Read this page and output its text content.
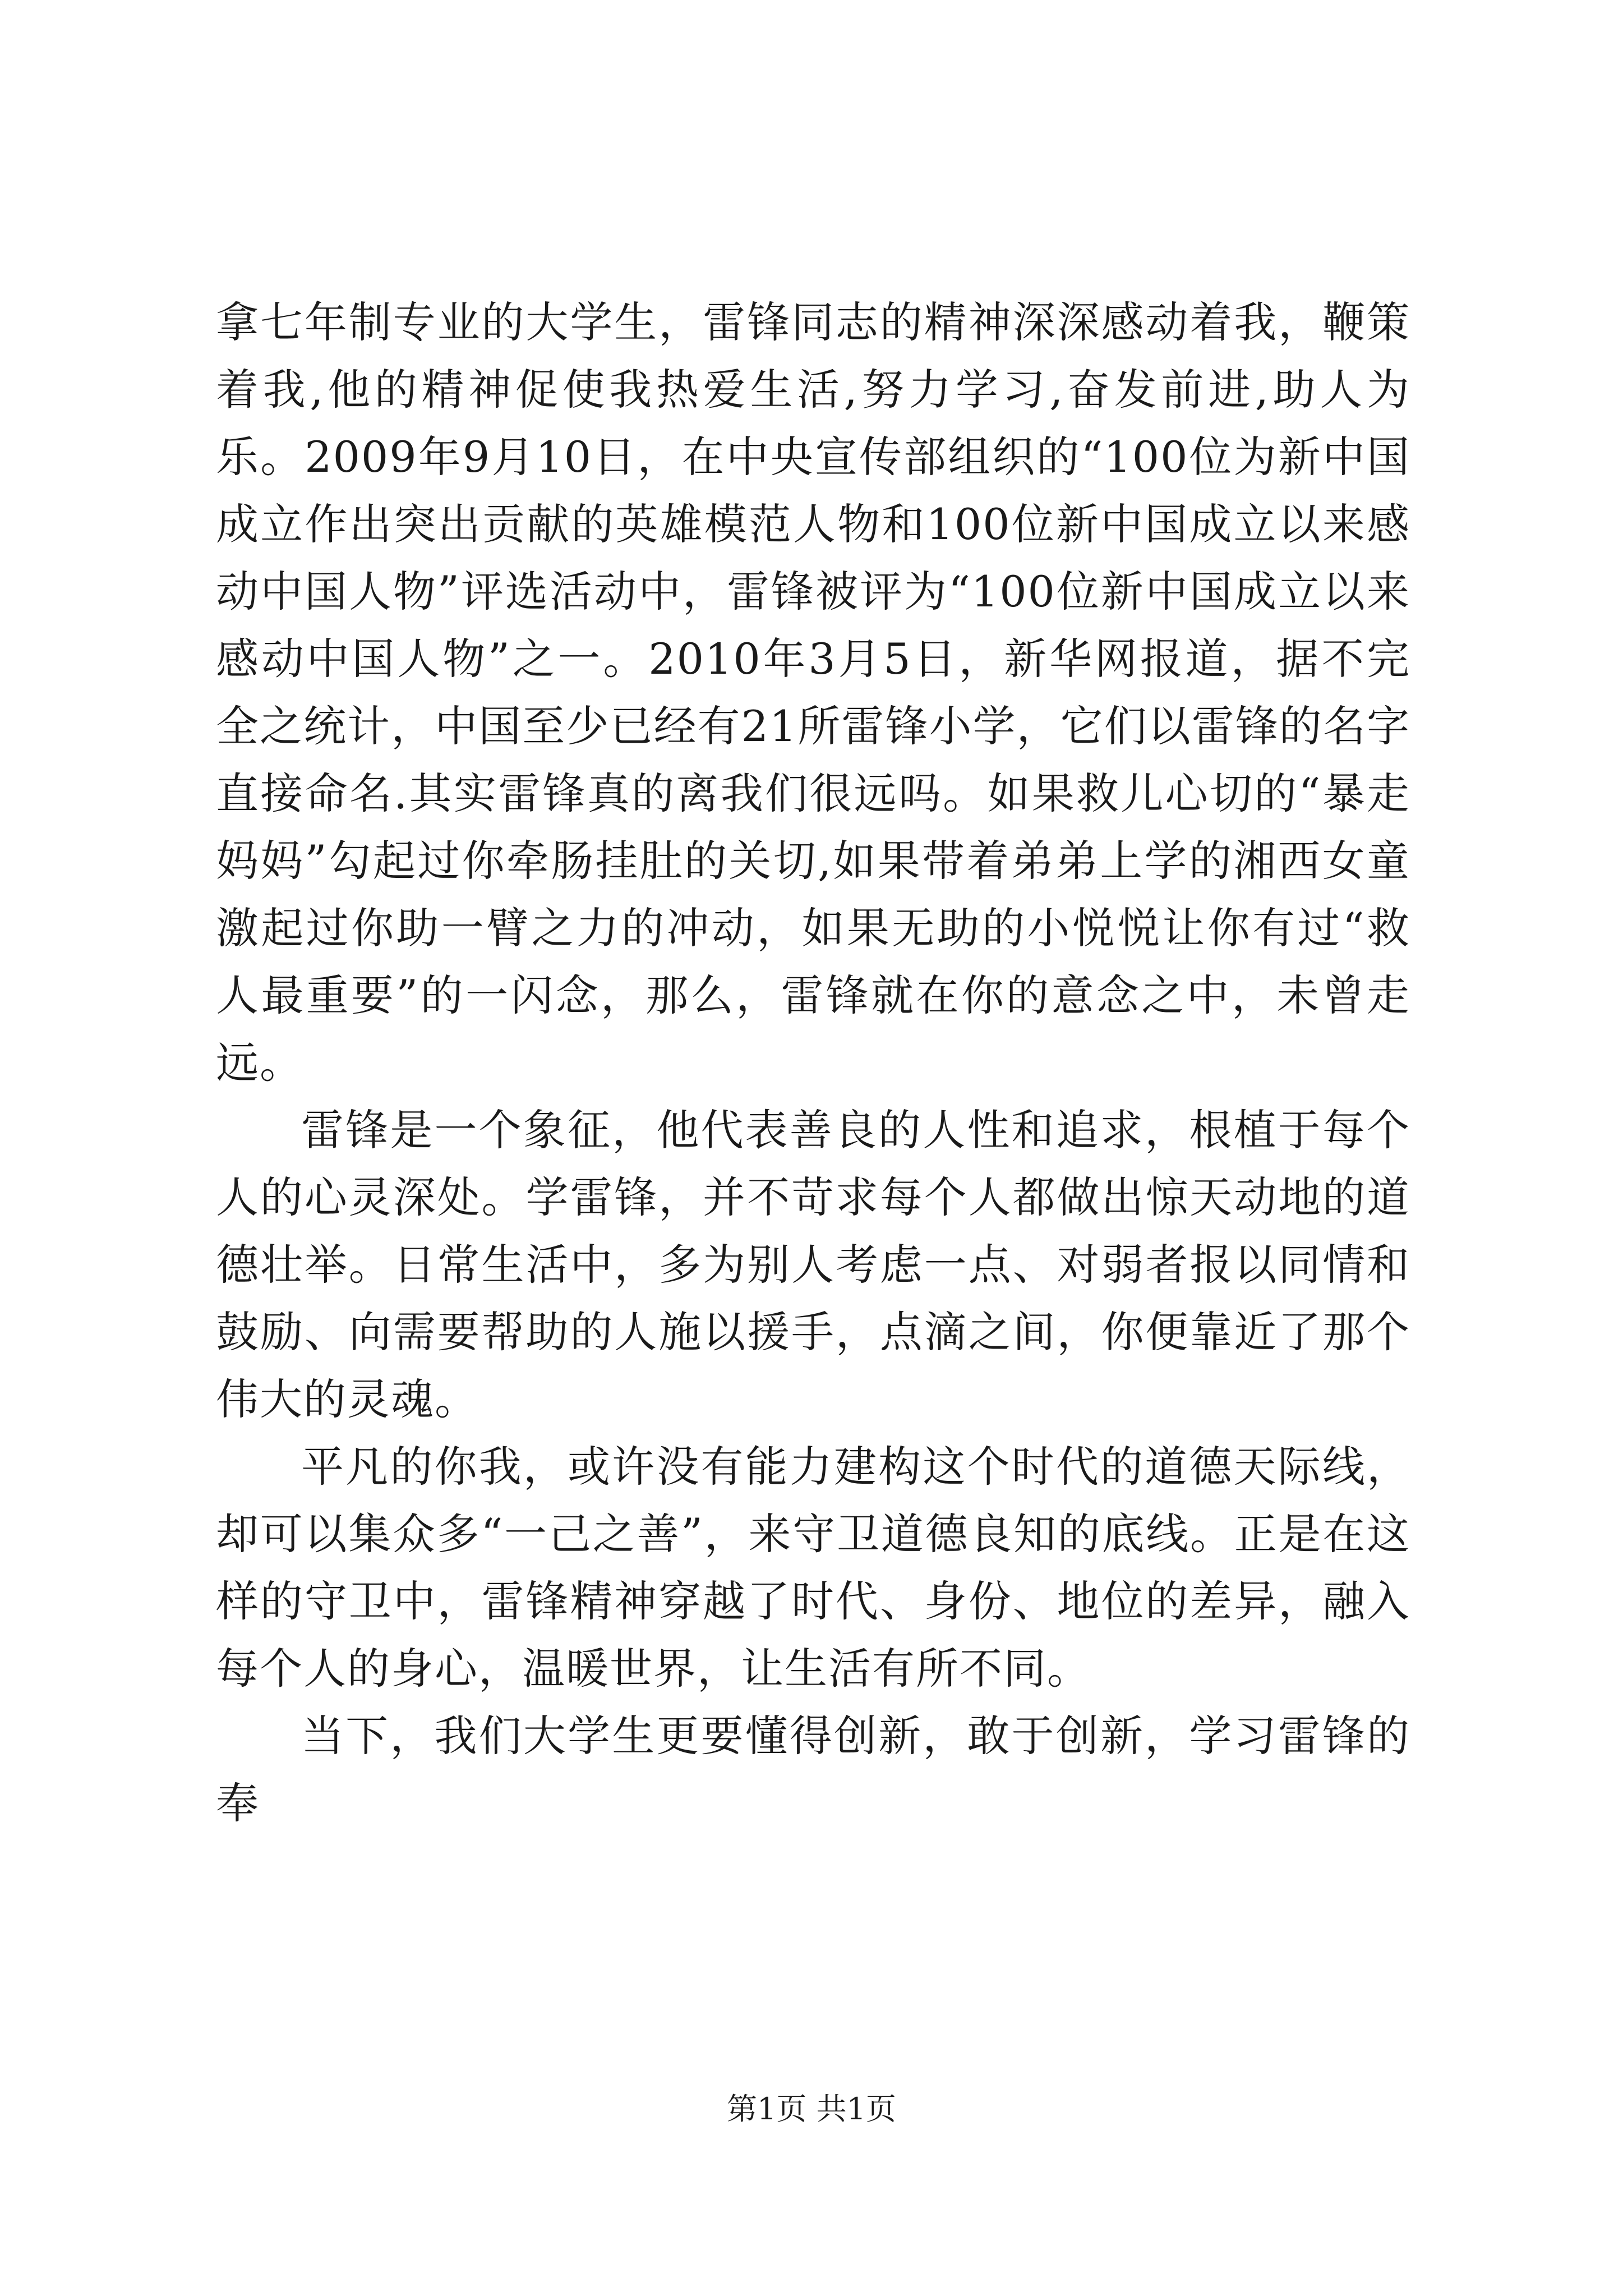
拿七年制专业的大学生，雷锋同志的精神深深感动着我，鞭策着我,他的精神促使我热爱生活,努力学习,奋发前进,助人为乐。2009年9月10日，在中央宣传部组织的“100位为新中国成立作出突出贡献的英雄模范人物和100位新中国成立以来感动中国人物”评选活动中，雷锋被评为“100位新中国成立以来感动中国人物”之一。2010年3月5日，新华网报道，据不完全之统计，中国至少已经有21所雷锋小学，它们以雷锋的名字直接命名.其实雷锋真的离我们很远吗。如果救儿心切的“暴走妈妈”勾起过你牵肠挂肚的关切,如果带着弟弟上学的湘西女童激起过你助一臂之力的冲动，如果无助的小悦悦让你有过“救人最重要”的一闪念，那么，雷锋就在你的意念之中，未曾走远。

雷锋是一个象征，他代表善良的人性和追求，根植于每个人的心灵深处。学雷锋，并不苛求每个人都做出惊天动地的道德壮举。日常生活中，多为别人考虑一点、对弱者报以同情和鼓励、向需要帮助的人施以援手，点滴之间，你便靠近了那个伟大的灵魂。

平凡的你我，或许没有能力建构这个时代的道德天际线，却可以集众多“一己之善”，来守卫道德良知的底线。正是在这样的守卫中，雷锋精神穿越了时代、身份、地位的差异，融入每个人的身心，温暖世界，让生活有所不同。

当下，我们大学生更要懂得创新，敢于创新，学习雷锋的奉

第1页 共1页
